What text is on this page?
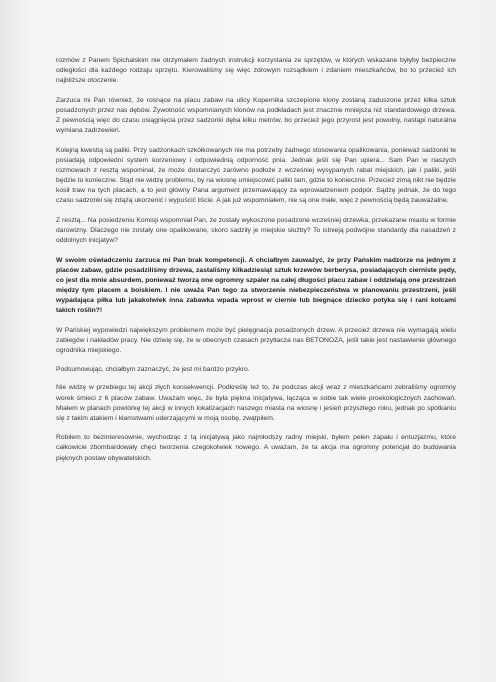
rozmów z Panem Spichalskim nie otrzymałem żadnych instrukcji korzystania ze sprzętów, w których wskazane byłyby bezpieczne odległości dla każdego rodzaju sprzętu. Kierowaliśmy się więc zdrowym rozsądkiem i zdaniem mieszkańców, bo to przecież ich najbliższe otoczenie.

Zarzuca mi Pan również, że rosnące na placu zabaw na ulicy Kopernika szczepione klony zostaną zaduszone przez kilka sztuk posadzonych przez nas dębów. Żywotność wspomnianych klonów na podkładach jest znacznie mniejsza niż standardowego drzewa. Z pewnością więc do czasu osiągnięcia przez sadzonki dęba kilku metrów, bo przecież jego przyrost jest powolny, nastąpi naturalna wymiana zadrzewień.

Kolejną kwestią są paliki. Przy sadzonkach szkółkowanych nie ma potrzeby żadnego stosowania opalikowania, ponieważ sadzonki te posiadają odpowiedni system korzeniowy i odpowiednią odporność pnia. Jednak jeśli się Pan upiera... Sam Pan w naszych rozmowach z resztą wspominał, że może dostarczyć zarówno podłoże z wcześniej wysypanych rabat miejskich, jak i paliki, jeśli będzie to konieczne. Stąd nie widzę problemu, by na wiosnę umiejscowić paliki tam, gdzie to konieczne. Przecież zimą nikt nie będzie kosił traw na tych placach, a to jest główny Pana argument przemawiający za wprowadzeniem podpór. Sądzę jednak, że do tego czasu sadzonki się zdążą ukorzenić i wypuścić liście. A jak już wspomniałem, nie są one małe, więc z pewnością będą zauważalne.

Z resztą... Na posiedzeniu Komisji wspomniał Pan, że zostały wykoszone posadzone wcześniej drzewka, przekazane miastu w formie darowizny. Dlaczego nie zostały one opalikowane, skoro sadziły je miejskie służby? To istnieją podwójne standardy dla nasadzeń z oddolnych inicjatyw?

W swoim oświadczeniu zarzuca mi Pan brak kompetencji. A chciałbym zauważyć, że przy Pańskim nadzorze na jednym z placów zabaw, gdzie posadziliśmy drzewa, zastaliśmy kilkadziesiąt sztuk krzewów berberysa, posiadających cierniste pędy, co jest dla mnie absurdem, ponieważ tworzą one ogromny szpaler na całej długości placu zabaw i oddzielają one przestrzeń między tym placem a boiskiem. I nie uważa Pan tego za stworzenie niebezpieczeństwa w planowaniu przestrzeni, jeśli wypadająca piłka lub jakakolwiek inna zabawka wpada wprost w ciernie lub biegnące dziecko potyka się i rani kolcami takich roślin?!

W Pańskiej wypowiedzi największym problemem może być pielęgnacja posadzonych drzew. A przecież drzewa nie wymagają wielu zabiegów i nakładów pracy. Nie dziwię się, że w obecnych czasach przytłacza nas BETONOZA, jeśli takie jest nastawienie głównego ogrodnika miejskiego.

Podsumowując, chciałbym zaznaczyć, że jest mi bardzo przykro.

Nie widzę w przebiegu tej akcji złych konsekwencji. Podkreślę też to, że podczas akcji wraz z mieszkańcami zebraliśmy ogromny worek śmieci z 6 placów zabaw. Uważam więc, że była piękna inicjatywa, łącząca w sobie tak wiele proekologicznych zachowań. Miałem w planach powtórkę tej akcji w innych lokalizacjach naszego miasta na wiosnę i jesień przyszłego roku, jednak po spotkaniu się z takim atakiem i kłamstwami uderzającymi w moją osobę, zwątpiłem.

Robiłem to bezinteresownie, wychodząc z tą inicjatywą jako najmłodszy radny miejski, byłem pełen zapału i entuzjazmu, które całkowicie zbombardowały chęci tworzenia czegokolwiek nowego. A uważam, że ta akcja ma ogromny potencjał do budowania pięknych postaw obywatelskich.
